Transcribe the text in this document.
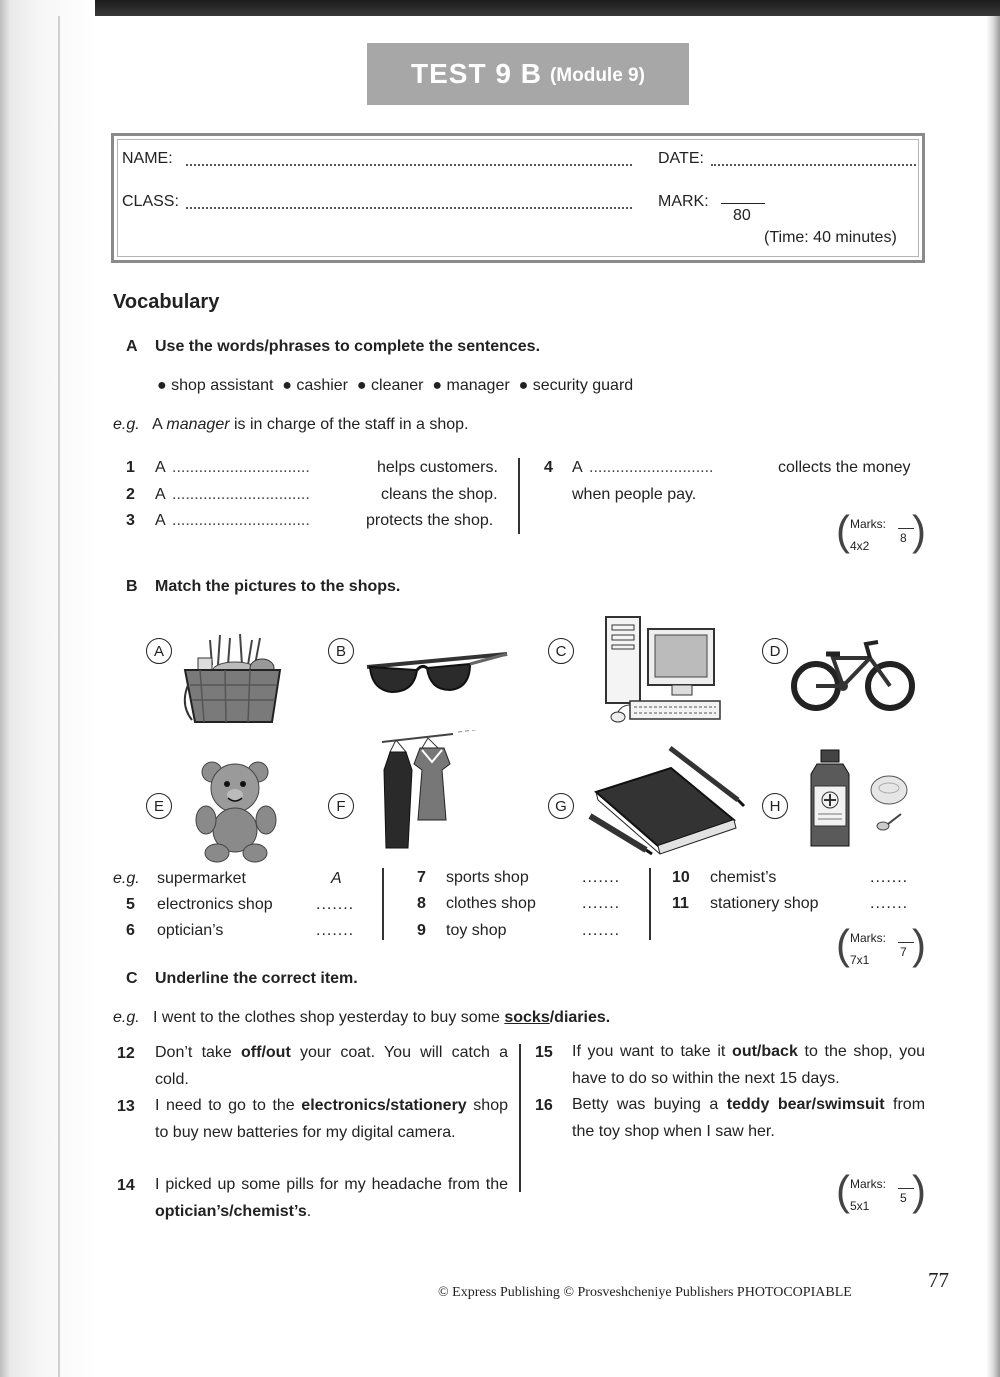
TEST 9 B (Module 9)
NAME:	DATE:
CLASS:	MARK:
80
(Time: 40 minutes)
Vocabulary
A Use the words/phrases to complete the sentences.
● shop assistant ● cashier ● cleaner ● manager ● security guard
e.g. A manager is in charge of the staff in a shop.
1 A ...............................	helps customers.
2 A ...............................	cleans the shop.
3 A ...............................	protects the shop.
4 A ............................	collects the money
when people pay.
( Marks:
8
4x2 )
B Match the pictures to the shops.
A	B	C	D
E	F	G	H
e.g. supermarket	A
5 electronics shop	.......
6 optician’s	.......
7 sports shop	.......
8 clothes shop	.......
9 toy shop	.......
10 chemist’s	.......
11 stationery shop	.......
( Marks:
7
7x1 )
C Underline the correct item.
e.g. I went to the clothes shop yesterday to buy some socks/diaries.
12 Don’t take off/out your coat. You will catch a cold.
13 I need to go to the electronics/stationery shop to buy new batteries for my digital camera.
14 I picked up some pills for my headache from the optician’s/chemist’s.
15 If you want to take it out/back to the shop, you have to do so within the next 15 days.
16 Betty was buying a teddy bear/swimsuit from the toy shop when I saw her.
( Marks:
5
5x1 )
© Express Publishing © Prosveshcheniye Publishers PHOTOCOPIABLE
77
